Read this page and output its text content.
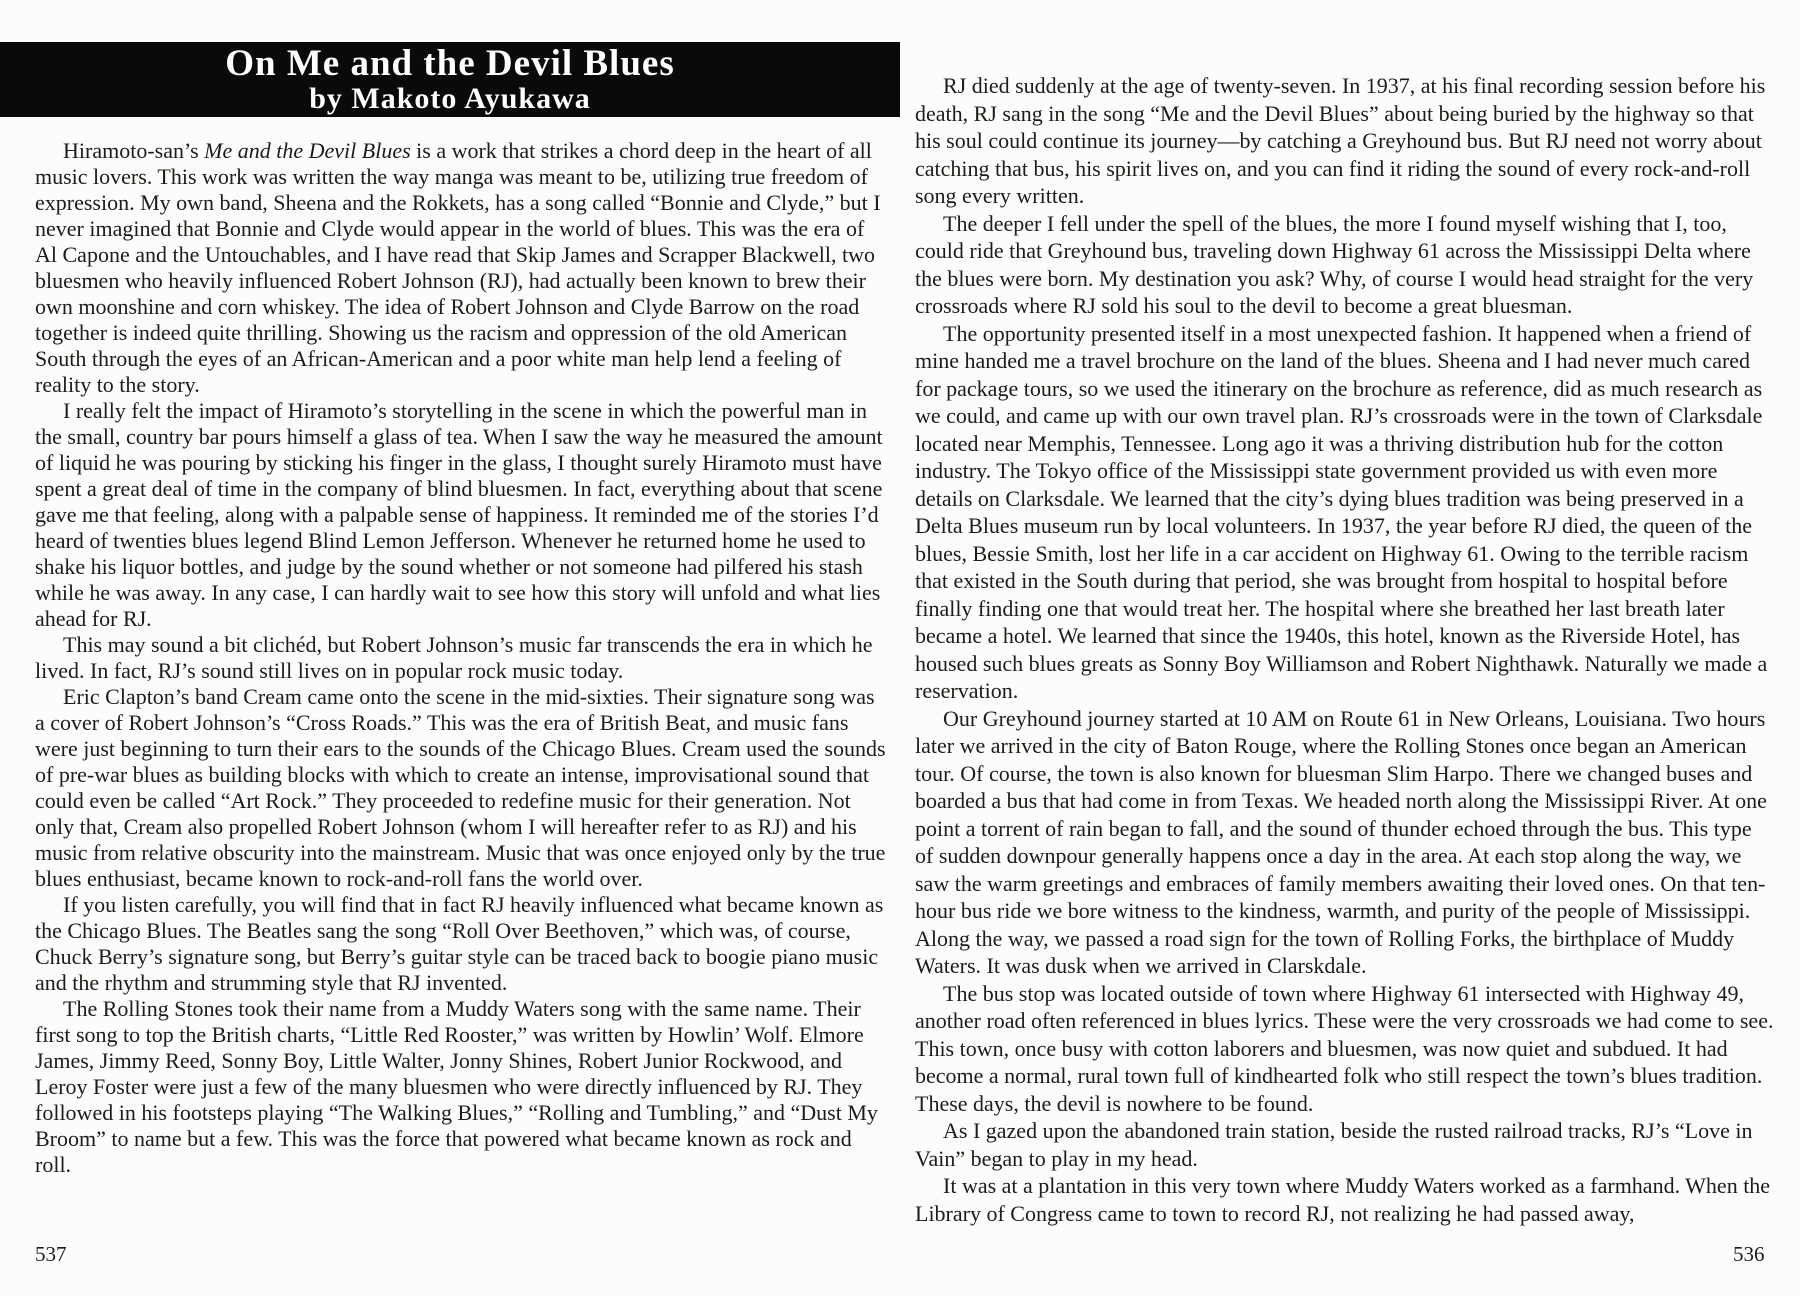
On Me and the Devil Blues
by Makoto Ayukawa

Hiramoto-san’s Me and the Devil Blues is a work that strikes a chord deep in the heart of all music lovers. This work was written the way manga was meant to be, utilizing true freedom of expression. My own band, Sheena and the Rokkets, has a song called “Bonnie and Clyde,” but I never imagined that Bonnie and Clyde would appear in the world of blues. This was the era of Al Capone and the Untouchables, and I have read that Skip James and Scrapper Blackwell, two bluesmen who heavily influenced Robert Johnson (RJ), had actually been known to brew their own moonshine and corn whiskey. The idea of Robert Johnson and Clyde Barrow on the road together is indeed quite thrilling. Showing us the racism and oppression of the old American South through the eyes of an African-American and a poor white man help lend a feeling of reality to the story.

I really felt the impact of Hiramoto’s storytelling in the scene in which the powerful man in the small, country bar pours himself a glass of tea. When I saw the way he measured the amount of liquid he was pouring by sticking his finger in the glass, I thought surely Hiramoto must have spent a great deal of time in the company of blind bluesmen. In fact, everything about that scene gave me that feeling, along with a palpable sense of happiness. It reminded me of the stories I’d heard of twenties blues legend Blind Lemon Jefferson. Whenever he returned home he used to shake his liquor bottles, and judge by the sound whether or not someone had pilfered his stash while he was away. In any case, I can hardly wait to see how this story will unfold and what lies ahead for RJ.

This may sound a bit clichéd, but Robert Johnson’s music far transcends the era in which he lived. In fact, RJ’s sound still lives on in popular rock music today.

Eric Clapton’s band Cream came onto the scene in the mid-sixties. Their signature song was a cover of Robert Johnson’s “Cross Roads.” This was the era of British Beat, and music fans were just beginning to turn their ears to the sounds of the Chicago Blues. Cream used the sounds of pre-war blues as building blocks with which to create an intense, improvisational sound that could even be called “Art Rock.” They proceeded to redefine music for their generation. Not only that, Cream also propelled Robert Johnson (whom I will hereafter refer to as RJ) and his music from relative obscurity into the mainstream. Music that was once enjoyed only by the true blues enthusiast, became known to rock-and-roll fans the world over.

If you listen carefully, you will find that in fact RJ heavily influenced what became known as the Chicago Blues. The Beatles sang the song “Roll Over Beethoven,” which was, of course, Chuck Berry’s signature song, but Berry’s guitar style can be traced back to boogie piano music and the rhythm and strumming style that RJ invented.

The Rolling Stones took their name from a Muddy Waters song with the same name. Their first song to top the British charts, “Little Red Rooster,” was written by Howlin’ Wolf. Elmore James, Jimmy Reed, Sonny Boy, Little Walter, Jonny Shines, Robert Junior Rockwood, and Leroy Foster were just a few of the many bluesmen who were directly influenced by RJ. They followed in his footsteps playing “The Walking Blues,” “Rolling and Tumbling,” and “Dust My Broom” to name but a few. This was the force that powered what became known as rock and roll.

RJ died suddenly at the age of twenty-seven. In 1937, at his final recording session before his death, RJ sang in the song “Me and the Devil Blues” about being buried by the highway so that his soul could continue its journey—by catching a Greyhound bus. But RJ need not worry about catching that bus, his spirit lives on, and you can find it riding the sound of every rock-and-roll song every written.

The deeper I fell under the spell of the blues, the more I found myself wishing that I, too, could ride that Greyhound bus, traveling down Highway 61 across the Mississippi Delta where the blues were born. My destination you ask? Why, of course I would head straight for the very crossroads where RJ sold his soul to the devil to become a great bluesman.

The opportunity presented itself in a most unexpected fashion. It happened when a friend of mine handed me a travel brochure on the land of the blues. Sheena and I had never much cared for package tours, so we used the itinerary on the brochure as reference, did as much research as we could, and came up with our own travel plan. RJ’s crossroads were in the town of Clarksdale located near Memphis, Tennessee. Long ago it was a thriving distribution hub for the cotton industry. The Tokyo office of the Mississippi state government provided us with even more details on Clarksdale. We learned that the city’s dying blues tradition was being preserved in a Delta Blues museum run by local volunteers. In 1937, the year before RJ died, the queen of the blues, Bessie Smith, lost her life in a car accident on Highway 61. Owing to the terrible racism that existed in the South during that period, she was brought from hospital to hospital before finally finding one that would treat her. The hospital where she breathed her last breath later became a hotel. We learned that since the 1940s, this hotel, known as the Riverside Hotel, has housed such blues greats as Sonny Boy Williamson and Robert Nighthawk. Naturally we made a reservation.

Our Greyhound journey started at 10 AM on Route 61 in New Orleans, Louisiana. Two hours later we arrived in the city of Baton Rouge, where the Rolling Stones once began an American tour. Of course, the town is also known for bluesman Slim Harpo. There we changed buses and boarded a bus that had come in from Texas. We headed north along the Mississippi River. At one point a torrent of rain began to fall, and the sound of thunder echoed through the bus. This type of sudden downpour generally happens once a day in the area. At each stop along the way, we saw the warm greetings and embraces of family members awaiting their loved ones. On that ten-hour bus ride we bore witness to the kindness, warmth, and purity of the people of Mississippi. Along the way, we passed a road sign for the town of Rolling Forks, the birthplace of Muddy Waters. It was dusk when we arrived in Clarskdale.

The bus stop was located outside of town where Highway 61 intersected with Highway 49, another road often referenced in blues lyrics. These were the very crossroads we had come to see. This town, once busy with cotton laborers and bluesmen, was now quiet and subdued. It had become a normal, rural town full of kindhearted folk who still respect the town’s blues tradition. These days, the devil is nowhere to be found.

As I gazed upon the abandoned train station, beside the rusted railroad tracks, RJ’s “Love in Vain” began to play in my head.

It was at a plantation in this very town where Muddy Waters worked as a farmhand. When the Library of Congress came to town to record RJ, not realizing he had passed away,

537	536
